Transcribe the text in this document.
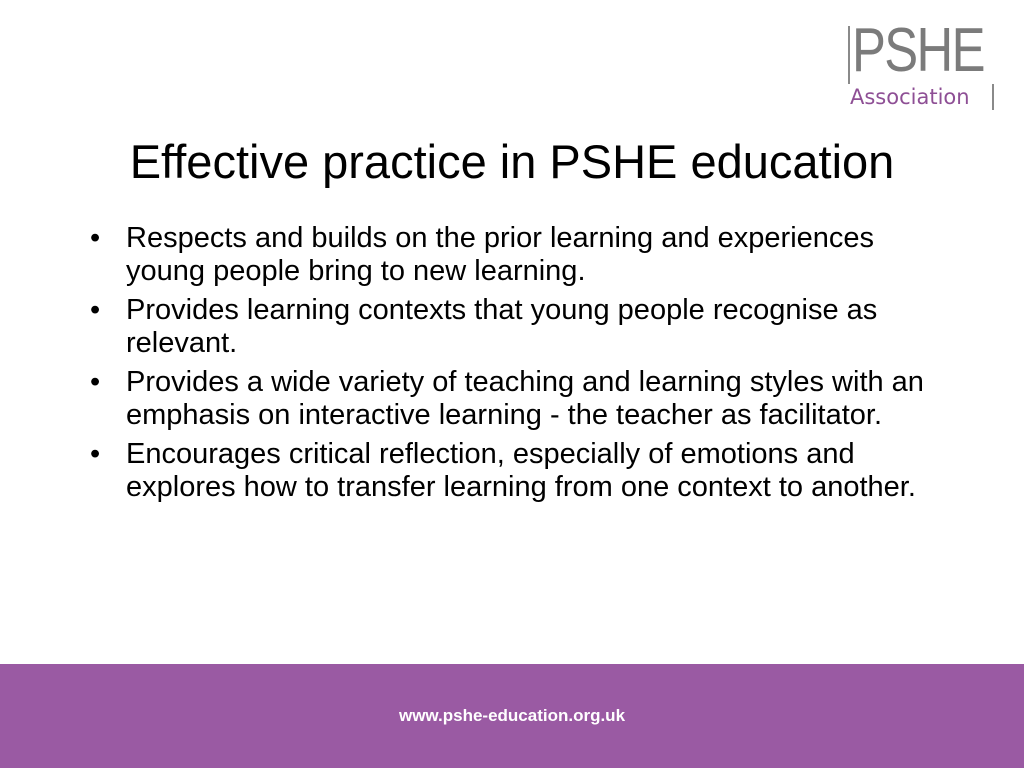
PSHE
Association
Effective practice in PSHE education
• Respects and builds on the prior learning and experiences young people bring to new learning.
• Provides learning contexts that young people recognise as relevant.
• Provides a wide variety of teaching and learning styles with an emphasis on interactive learning - the teacher as facilitator.
• Encourages critical reflection, especially of emotions and explores how to transfer learning from one context to another.
www.pshe-education.org.uk
